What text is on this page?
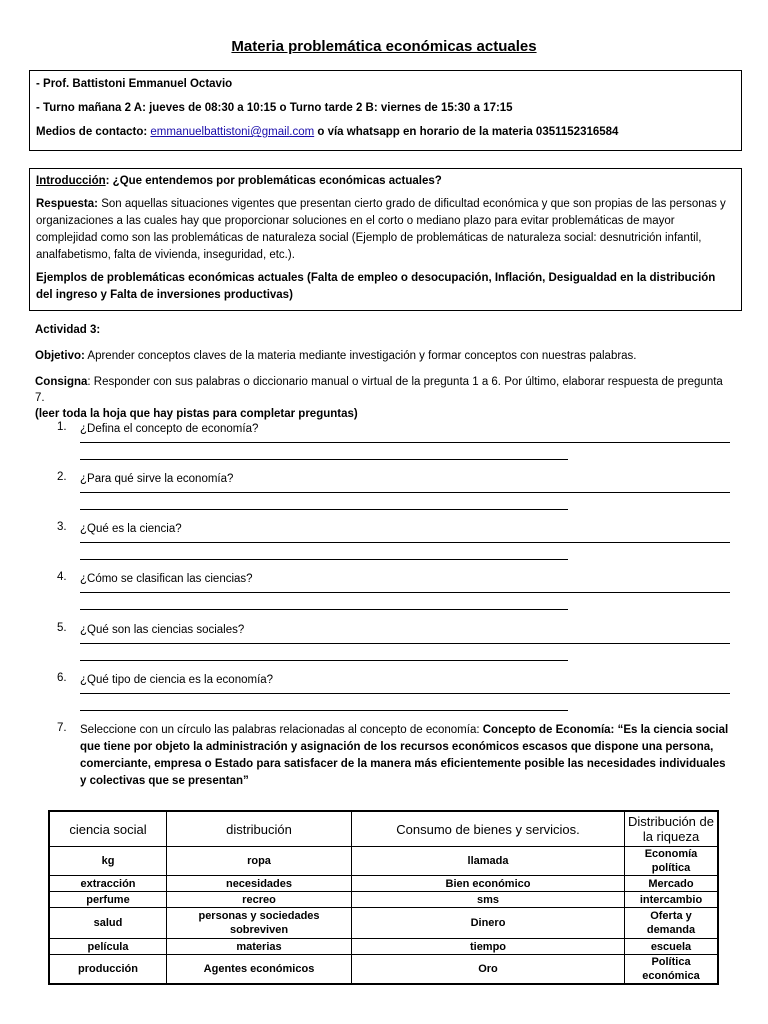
Materia problemática económicas actuales
- Prof. Battistoni Emmanuel Octavio
- Turno mañana 2 A: jueves de 08:30 a 10:15 o Turno tarde 2 B: viernes de 15:30 a 17:15
Medios de contacto: emmanuelbattistoni@gmail.com o vía whatsapp en horario de la materia 0351152316584

Introducción: ¿Que entendemos por problemáticas económicas actuales?

Respuesta: Son aquellas situaciones vigentes que presentan cierto grado de dificultad económica y que son propias de las personas y organizaciones a las cuales hay que proporcionar soluciones en el corto o mediano plazo para evitar problemáticas de mayor complejidad como son las problemáticas de naturaleza social (Ejemplo de problemáticas de naturaleza social: desnutrición infantil, analfabetismo, falta de vivienda, inseguridad, etc.).

Ejemplos de problemáticas económicas actuales (Falta de empleo o desocupación, Inflación, Desigualdad en la distribución del ingreso y Falta de inversiones productivas)

Actividad 3:

Objetivo: Aprender conceptos claves de la materia mediante investigación y formar conceptos con nuestras palabras.

Consigna: Responder con sus palabras o diccionario manual o virtual de la pregunta 1 a 6. Por último, elaborar respuesta de pregunta 7.

(leer toda la hoja que hay pistas para completar preguntas)

1. ¿Defina el concepto de economía?
2. ¿Para qué sirve la economía?
3. ¿Qué es la ciencia?
4. ¿Cómo se clasifican las ciencias?
5. ¿Qué son las ciencias sociales?
6. ¿Qué tipo de ciencia es la economía?
7. Seleccione con un círculo las palabras relacionadas al concepto de economía: Concepto de Economía: “Es la ciencia social que tiene por objeto la administración y asignación de los recursos económicos escasos que dispone una persona, comerciante, empresa o Estado para satisfacer de la manera más eficientemente posible las necesidades individuales y colectivas que se presentan”
ciencia social	distribución	Consumo de bienes y servicios.	Distribución de la riqueza
kg	ropa	llamada	Economía política
extracción	necesidades	Bien económico	Mercado
perfume	recreo	sms	intercambio
salud	personas y sociedades sobreviven	Dinero	Oferta y demanda
película	materias	tiempo	escuela
producción	Agentes económicos	Oro	Política económica
